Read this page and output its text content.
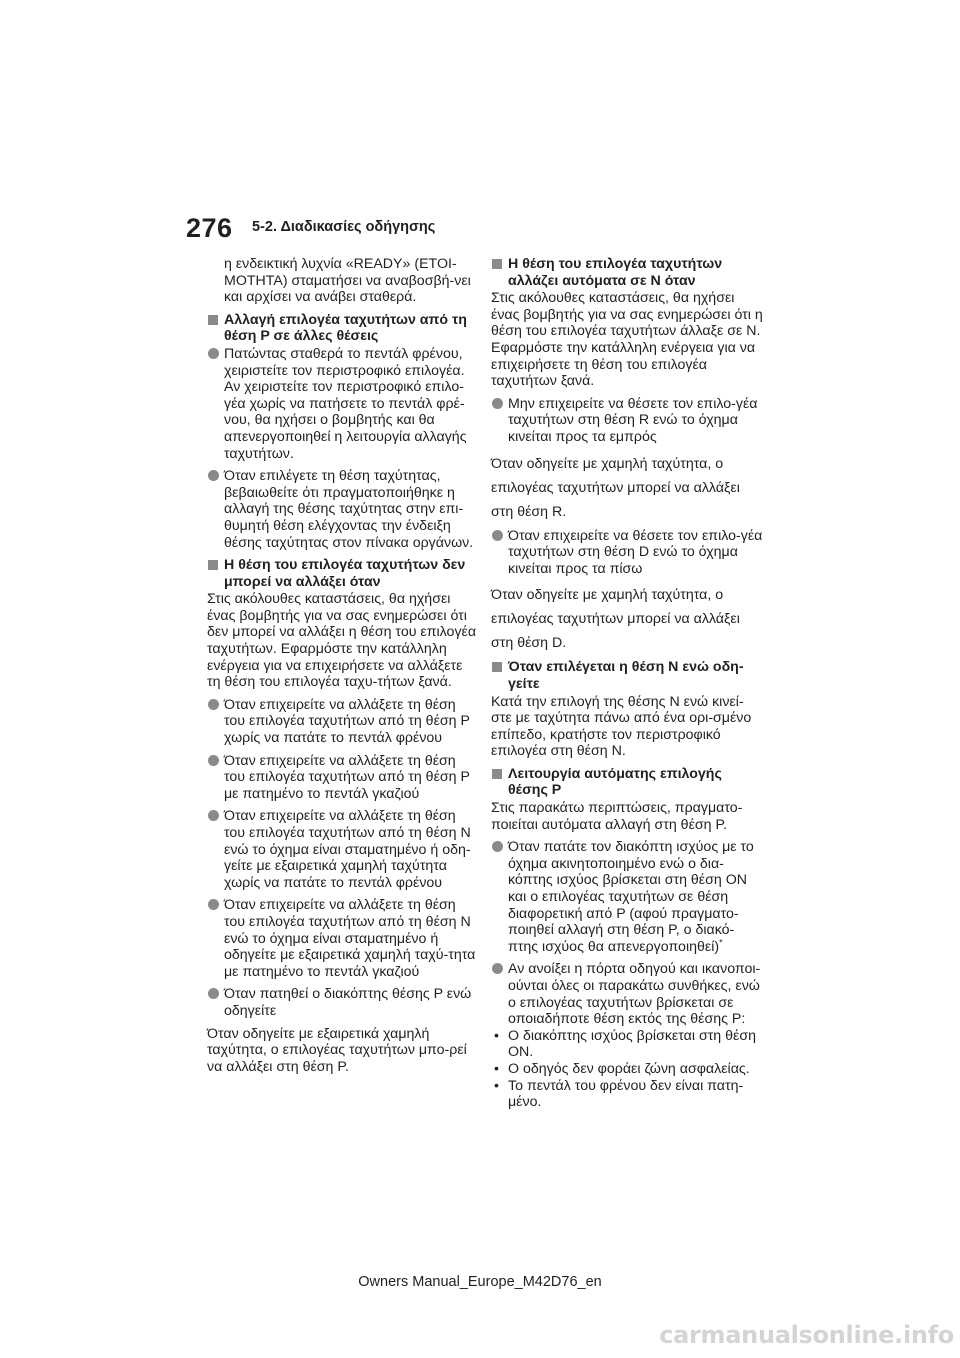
276 5-2. Διαδικασίες οδήγησης

η ενδεικτική λυχνία «READY» (ΕΤΟΙ-ΜΟΤΗΤΑ) σταματήσει να αναβοσβή-νει και αρχίσει να ανάβει σταθερά.

Αλλαγή επιλογέα ταχυτήτων από τη θέση P σε άλλες θέσεις
Πατώντας σταθερά το πεντάλ φρένου, χειριστείτε τον περιστροφικό επιλογέα. Αν χειριστείτε τον περιστροφικό επιλο-γέα χωρίς να πατήσετε το πεντάλ φρέ-νου, θα ηχήσει ο βομβητής και θα απενεργοποιηθεί η λειτουργία αλλαγής ταχυτήτων.
Όταν επιλέγετε τη θέση ταχύτητας, βεβαιωθείτε ότι πραγματοποιήθηκε η αλλαγή της θέσης ταχύτητας στην επι-θυμητή θέση ελέγχοντας την ένδειξη θέσης ταχύτητας στον πίνακα οργάνων.
Η θέση του επιλογέα ταχυτήτων δεν μπορεί να αλλάξει όταν

Στις ακόλουθες καταστάσεις, θα ηχήσει ένας βομβητής για να σας ενημερώσει ότι δεν μπορεί να αλλάξει η θέση του επιλογέα ταχυτήτων. Εφαρμόστε την κατάλληλη ενέργεια για να επιχειρήσετε να αλλάξετε τη θέση του επιλογέα ταχυ-τήτων ξανά.

Όταν επιχειρείτε να αλλάξετε τη θέση του επιλογέα ταχυτήτων από τη θέση P χωρίς να πατάτε το πεντάλ φρένου
Όταν επιχειρείτε να αλλάξετε τη θέση του επιλογέα ταχυτήτων από τη θέση P με πατημένο το πεντάλ γκαζιού
Όταν επιχειρείτε να αλλάξετε τη θέση του επιλογέα ταχυτήτων από τη θέση N ενώ το όχημα είναι σταματημένο ή οδη-γείτε με εξαιρετικά χαμηλή ταχύτητα χωρίς να πατάτε το πεντάλ φρένου
Όταν επιχειρείτε να αλλάξετε τη θέση του επιλογέα ταχυτήτων από τη θέση N ενώ το όχημα είναι σταματημένο ή οδηγείτε με εξαιρετικά χαμηλή ταχύ-τητα με πατημένο το πεντάλ γκαζιού
Όταν πατηθεί ο διακόπτης θέσης P ενώ οδηγείτε

Όταν οδηγείτε με εξαιρετικά χαμηλή ταχύτητα, ο επιλογέας ταχυτήτων μπο-ρεί να αλλάξει στη θέση P.

Η θέση του επιλογέα ταχυτήτων αλλάζει αυτόματα σε N όταν

Στις ακόλουθες καταστάσεις, θα ηχήσει ένας βομβητής για να σας ενημερώσει ότι η θέση του επιλογέα ταχυτήτων άλλαξε σε N. Εφαρμόστε την κατάλληλη ενέργεια για να επιχειρήσετε τη θέση του επιλογέα ταχυτήτων ξανά.

Μην επιχειρείτε να θέσετε τον επιλο-γέα ταχυτήτων στη θέση R ενώ το όχημα κινείται προς τα εμπρός

Όταν οδηγείτε με χαμηλή ταχύτητα, ο επιλογέας ταχυτήτων μπορεί να αλλάξει στη θέση R.

Όταν επιχειρείτε να θέσετε τον επιλο-γέα ταχυτήτων στη θέση D ενώ το όχημα κινείται προς τα πίσω

Όταν οδηγείτε με χαμηλή ταχύτητα, ο επιλογέας ταχυτήτων μπορεί να αλλάξει στη θέση D.

Όταν επιλέγεται η θέση N ενώ οδη-γείτε

Κατά την επιλογή της θέσης N ενώ κινεί-στε με ταχύτητα πάνω από ένα ορι-σμένο επίπεδο, κρατήστε τον περιστροφικό επιλογέα στη θέση N.

Λειτουργία αυτόματης επιλογής θέσης P

Στις παρακάτω περιπτώσεις, πραγματο-ποιείται αυτόματα αλλαγή στη θέση P.

Όταν πατάτε τον διακόπτη ισχύος με το όχημα ακινητοποιημένο ενώ ο δια-κόπτης ισχύος βρίσκεται στη θέση ON και ο επιλογέας ταχυτήτων σε θέση διαφορετική από P (αφού πραγματο-ποιηθεί αλλαγή στη θέση P, ο διακό-πτης ισχύος θα απενεργοποιηθεί)*
Αν ανοίξει η πόρτα οδηγού και ικανοποι-ούνται όλες οι παρακάτω συνθήκες, ενώ ο επιλογέας ταχυτήτων βρίσκεται σε οποιαδήποτε θέση εκτός της θέσης P:
• Ο διακόπτης ισχύος βρίσκεται στη θέση ON.
• Ο οδηγός δεν φοράει ζώνη ασφαλείας.
• Το πεντάλ του φρένου δεν είναι πατη-μένο.
Owners Manual_Europe_M42D76_en
carmanualsonline.info
